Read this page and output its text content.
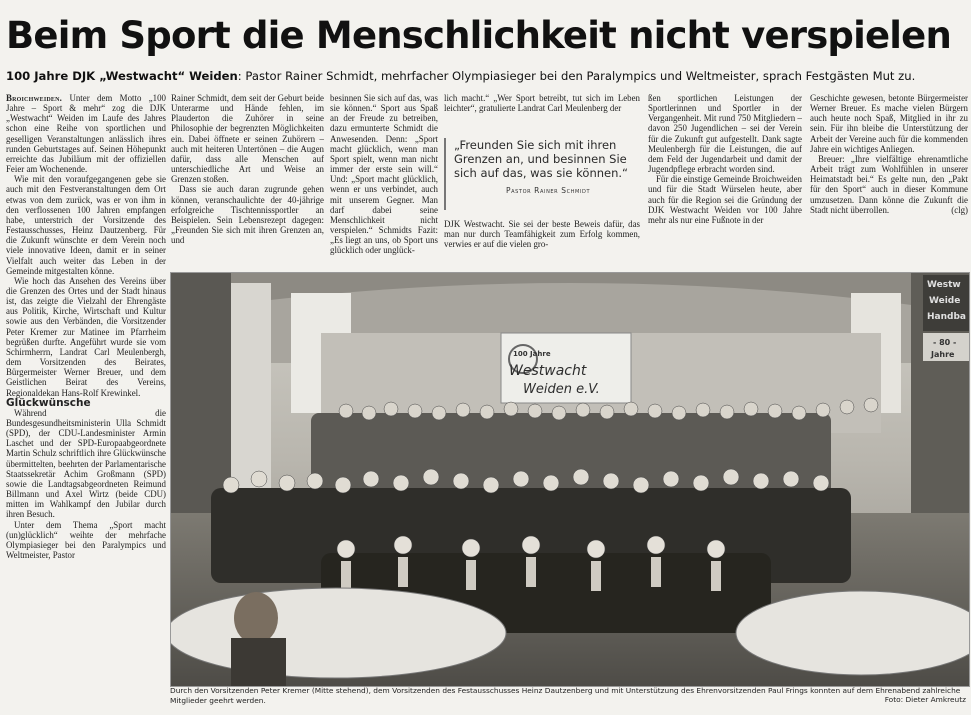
Beim Sport die Menschlichkeit nicht verspielen
100 Jahre DJK „Westwacht“ Weiden: Pastor Rainer Schmidt, mehrfacher Olympiasieger bei den Paralympics und Weltmeister, sprach Festgästen Mut zu.

Broichweiden. Unter dem Motto „100 Jahre – Sport & mehr“ zog die DJK „Westwacht“ Weiden im Laufe des Jahres schon eine Reihe von sportlichen und geselligen Veranstaltungen anlässlich ihres runden Geburtstages auf. Seinen Höhepunkt erreichte das Jubiläum mit der offiziellen Feier am Wochenende.

Wie mit den voraufgegangenen gebe sie auch mit den Festveranstaltungen dem Ort etwas von dem zurück, was er von ihm in den verflossenen 100 Jahren empfangen habe, unterstrich der Vorsitzende des Festausschusses, Heinz Dautzenberg. Für die Zukunft wünschte er dem Verein noch viele innovative Ideen, damit er in seiner Vielfalt auch weiter das Leben in der Gemeinde mitgestalten könne.

Wie hoch das Ansehen des Vereins über die Grenzen des Ortes und der Stadt hinaus ist, das zeigte die Vielzahl der Ehrengäste aus Politik, Kirche, Wirtschaft und Kultur sowie aus den Verbänden, die Vorsitzender Peter Kremer zur Matinee im Pfarrheim begrüßen durfte. Angeführt wurde sie vom Schirmherrn, Landrat Carl Meulenbergh, dem Vorsitzenden des Beirates, Bürgermeister Werner Breuer, und dem Geistlichen Beirat des Vereins, Regionaldekan Hans-Rolf Krewinkel.

Glückwünsche

Während die Bundesgesundheitsministerin Ulla Schmidt (SPD), der CDU-Landesminister Armin Laschet und der SPD-Europaabgeordnete Martin Schulz schriftlich ihre Glückwünsche übermittelten, beehrten der Parlamentarische Staatssekretär Achim Großmann (SPD) sowie die Landtagsabgeordneten Reimund Billmann und Axel Wirtz (beide CDU) mitten im Wahlkampf den Jubilar durch ihren Besuch.

Unter dem Thema „Sport macht (un)glücklich“ weihte der mehrfache Olympiasieger bei den Paralympics und Weltmeister, Pastor

Rainer Schmidt, dem seit der Geburt beide Unterarme und Hände fehlen, im Plauderton die Zuhörer in seine Philosophie der begrenzten Möglichkeiten ein. Dabei öffnete er seinen Zuhörern – auch mit heiteren Untertönen – die Augen dafür, dass alle Menschen auf unterschiedliche Art und Weise an Grenzen stoßen.

Dass sie auch daran zugrunde gehen können, veranschaulichte der 40-jährige erfolgreiche Tischtennissportler an Beispielen. Sein Lebensrezept dagegen: „Freunden Sie sich mit ihren Grenzen an, und

besinnen Sie sich auf das, was sie können.“ Sport aus Spaß an der Freude zu betreiben, dazu ermunterte Schmidt die Anwesenden. Denn: „Sport macht glücklich, wenn man Sport spielt, wenn man nicht immer der erste sein will.“ Und: „Sport macht glücklich, wenn er uns verbindet, auch mit unserem Gegner. Man darf dabei seine Menschlichkeit nicht verspielen.“ Schmidts Fazit: „Es liegt an uns, ob Sport uns glücklich oder unglück-

lich macht.“ „Wer Sport betreibt, tut sich im Leben leichter“, gratulierte Landrat Carl Meulenberg der

„Freunden Sie sich mit ihren Grenzen an, und besinnen Sie sich auf das, was sie können.“

Pastor Rainer Schmidt

DJK Westwacht. Sie sei der beste Beweis dafür, das man nur durch Teamfähigkeit zum Erfolg kommen, verwies er auf die vielen gro-

ßen sportlichen Leistungen der Sportlerinnen und Sportler in der Vergangenheit. Mit rund 750 Mitgliedern – davon 250 Jugendlichen – sei der Verein für die Zukunft gut aufgestellt. Dank sagte Meulenbergh für die Leistungen, die auf dem Feld der Jugendarbeit und damit der Jugendpflege erbracht worden sind.

Für die einstige Gemeinde Broichweiden und für die Stadt Würselen heute, aber auch für die Region sei die Gründung der DJK Westwacht Weiden vor 100 Jahre mehr als nur eine Fußnote in der

Geschichte gewesen, betonte Bürgermeister Werner Breuer. Es mache vielen Bürgern auch heute noch Spaß, Mitglied in ihr zu sein. Für ihn bleibe die Unterstützung der Arbeit der Vereine auch für die kommenden Jahre ein wichtiges Anliegen.

Breuer: „Ihre vielfältige ehrenamtliche Arbeit trägt zum Wohlfühlen in unserer Heimatstadt bei.“ Es gelte nun, den „Pakt für den Sport“ auch in dieser Kommune umzusetzen. Dann könne die Zukunft die Stadt nicht überrollen.	(clg)

100 Jahre
Westwacht
Weiden e.V.
Westw
Weide
Handba
- 80 -
Jahre
Durch den Vorsitzenden Peter Kremer (Mitte stehend), dem Vorsitzenden des Festausschusses Heinz Dautzenberg und mit Unterstützung des Ehrenvorsitzenden Paul Frings konnten auf dem Ehrenabend zahlreiche Mitglieder geehrt werden.	Foto: Dieter Amkreutz
